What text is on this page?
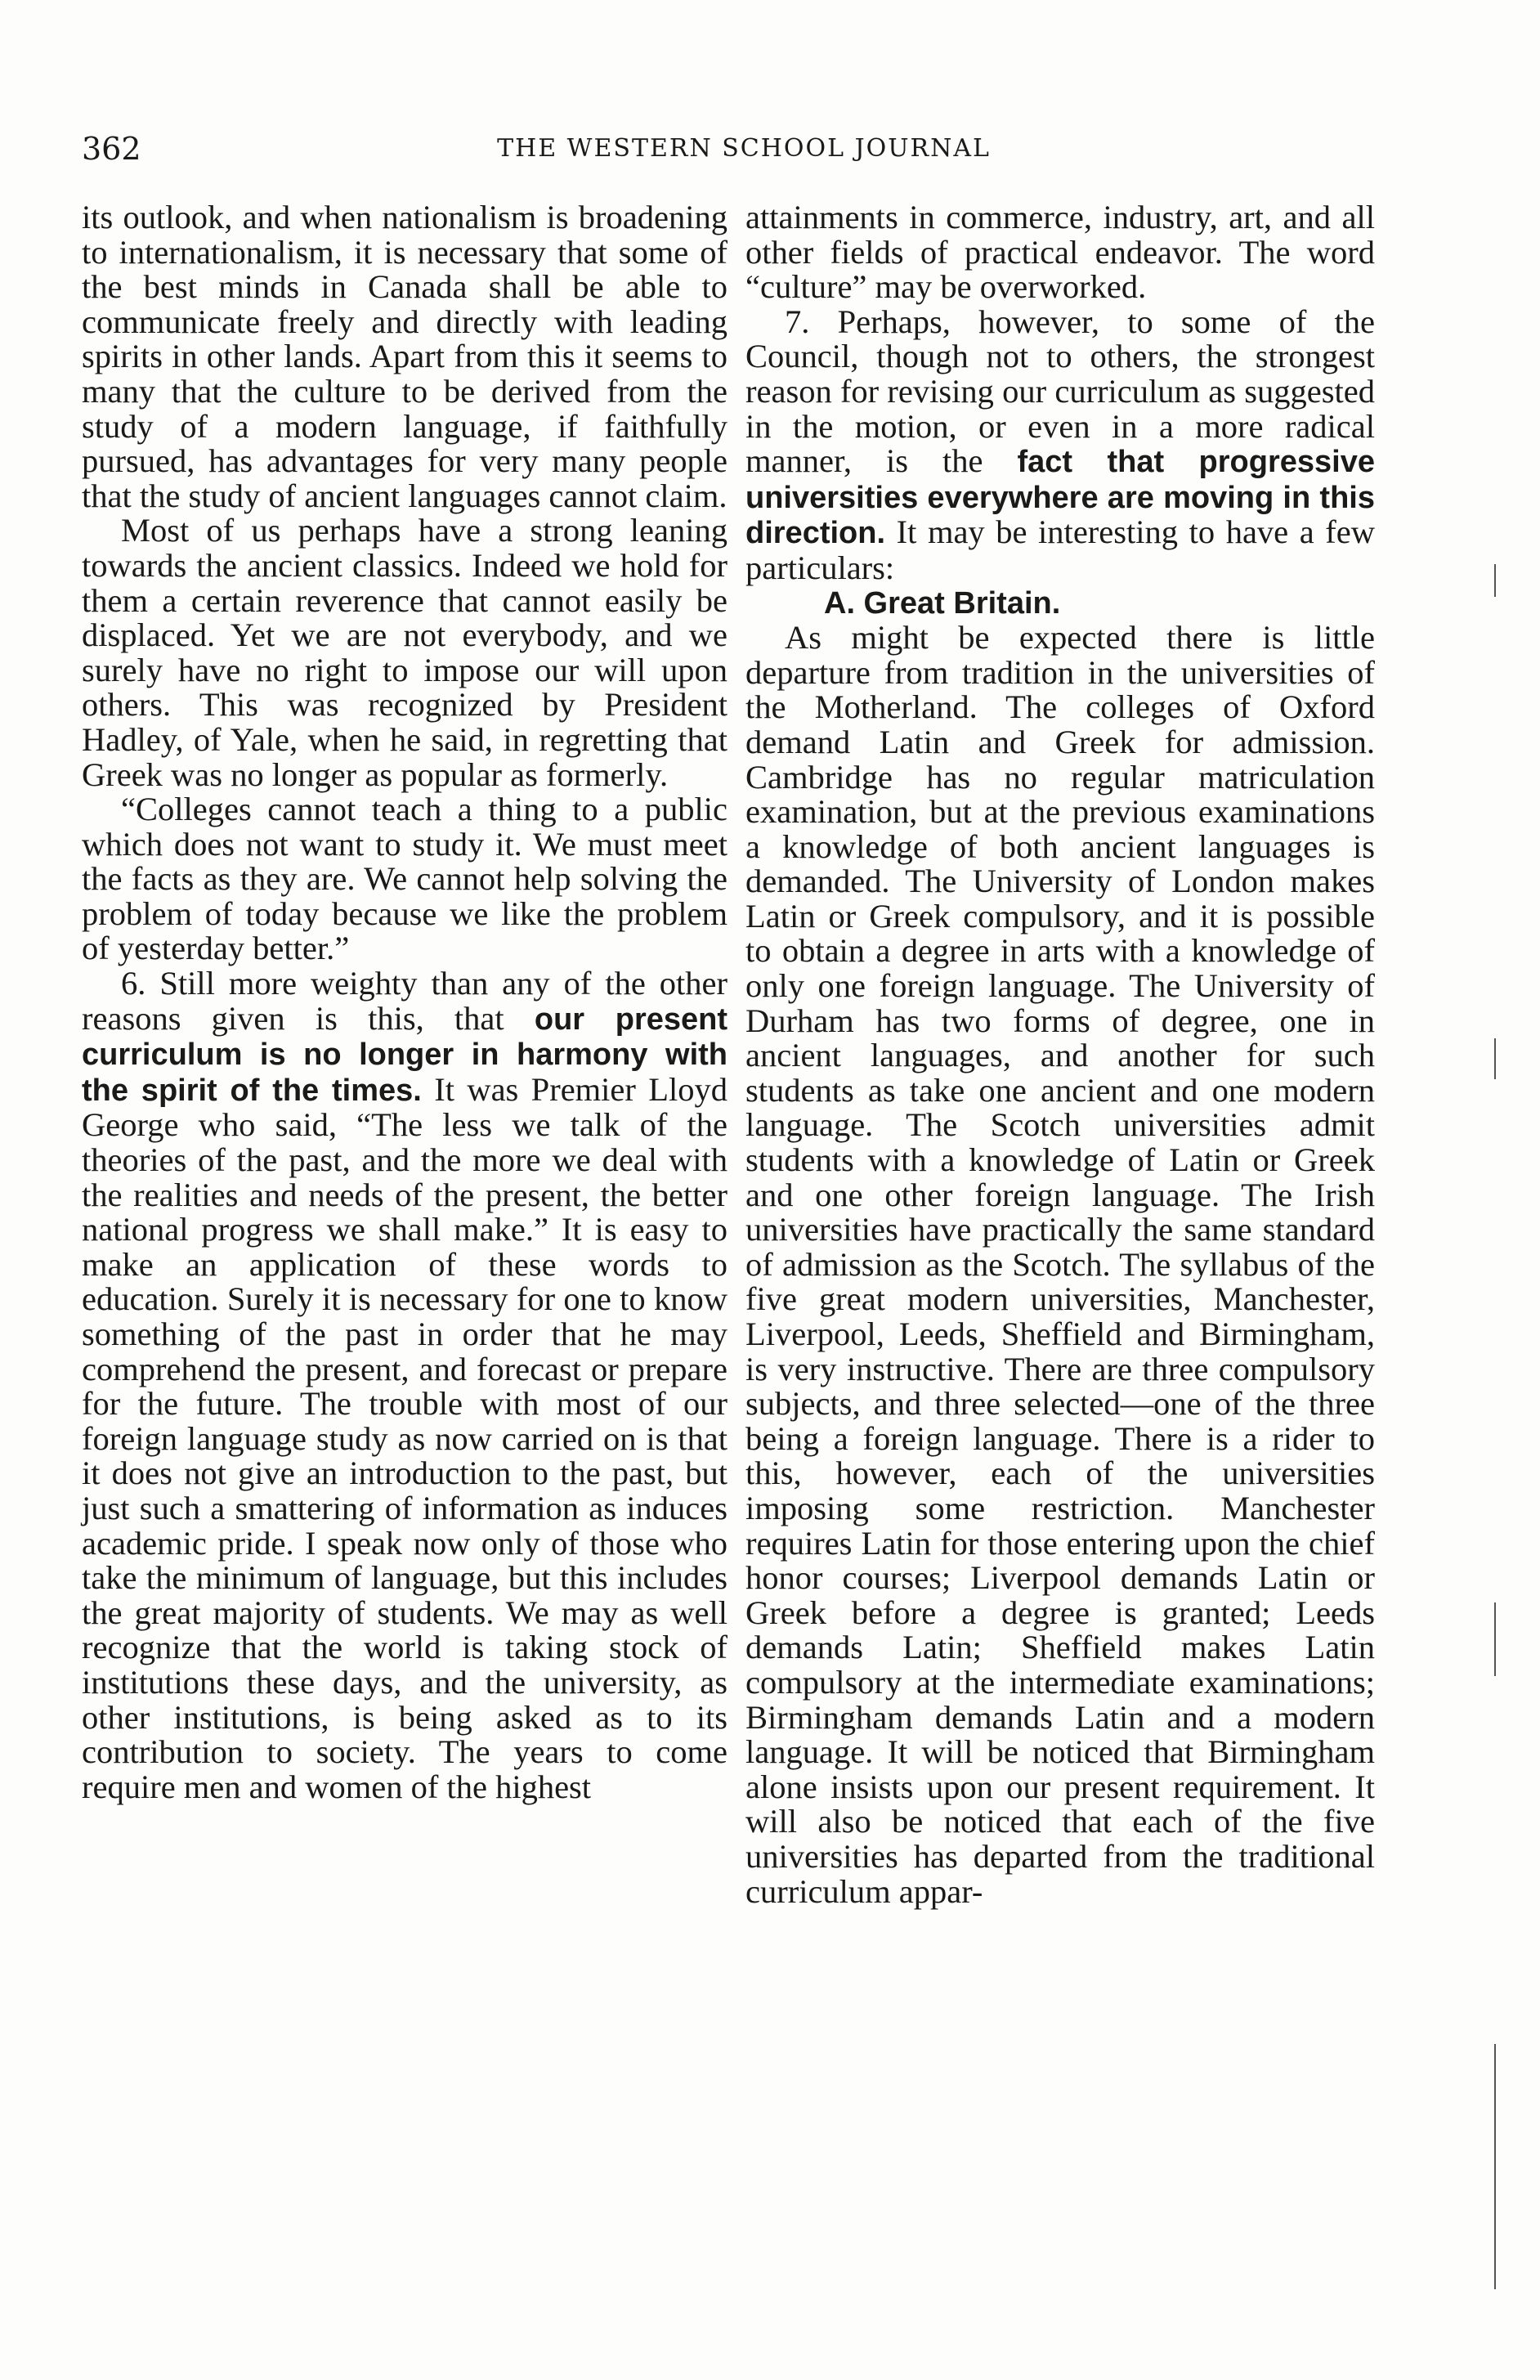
362	THE WESTERN SCHOOL JOURNAL

its outlook, and when nationalism is broadening to internationalism, it is necessary that some of the best minds in Canada shall be able to communicate freely and directly with leading spirits in other lands. Apart from this it seems to many that the culture to be derived from the study of a modern language, if faithfully pursued, has advantages for very many people that the study of ancient languages cannot claim.

Most of us perhaps have a strong leaning towards the ancient classics. Indeed we hold for them a certain reverence that cannot easily be displaced. Yet we are not everybody, and we surely have no right to impose our will upon others. This was recognized by President Hadley, of Yale, when he said, in regretting that Greek was no longer as popular as formerly.

“Colleges cannot teach a thing to a public which does not want to study it. We must meet the facts as they are. We cannot help solving the problem of today because we like the problem of yesterday better.”

6. Still more weighty than any of the other reasons given is this, that our present curriculum is no longer in harmony with the spirit of the times. It was Premier Lloyd George who said, “The less we talk of the theories of the past, and the more we deal with the realities and needs of the present, the better national progress we shall make.” It is easy to make an application of these words to education. Surely it is necessary for one to know something of the past in order that he may comprehend the present, and forecast or prepare for the future. The trouble with most of our foreign language study as now carried on is that it does not give an introduction to the past, but just such a smattering of information as induces academic pride. I speak now only of those who take the minimum of language, but this includes the great majority of students. We may as well recognize that the world is taking stock of institutions these days, and the university, as other institutions, is being asked as to its contribution to society. The years to come require men and women of the highest

attainments in commerce, industry, art, and all other fields of practical endeavor. The word “culture” may be overworked.

7. Perhaps, however, to some of the Council, though not to others, the strongest reason for revising our curriculum as suggested in the motion, or even in a more radical manner, is the fact that progressive universities everywhere are moving in this direction. It may be interesting to have a few particulars:

A. Great Britain.

As might be expected there is little departure from tradition in the universities of the Motherland. The colleges of Oxford demand Latin and Greek for admission. Cambridge has no regular matriculation examination, but at the previous examinations a knowledge of both ancient languages is demanded. The University of London makes Latin or Greek compulsory, and it is possible to obtain a degree in arts with a knowledge of only one foreign language. The University of Durham has two forms of degree, one in ancient languages, and another for such students as take one ancient and one modern language. The Scotch universities admit students with a knowledge of Latin or Greek and one other foreign language. The Irish universities have practically the same standard of admission as the Scotch. The syllabus of the five great modern universities, Manchester, Liverpool, Leeds, Sheffield and Birmingham, is very instructive. There are three compulsory subjects, and three selected—one of the three being a foreign language. There is a rider to this, however, each of the universities imposing some restriction. Manchester requires Latin for those entering upon the chief honor courses; Liverpool demands Latin or Greek before a degree is granted; Leeds demands Latin; Sheffield makes Latin compulsory at the intermediate examinations; Birmingham demands Latin and a modern language. It will be noticed that Birmingham alone insists upon our present requirement. It will also be noticed that each of the five universities has departed from the traditional curriculum appar-
